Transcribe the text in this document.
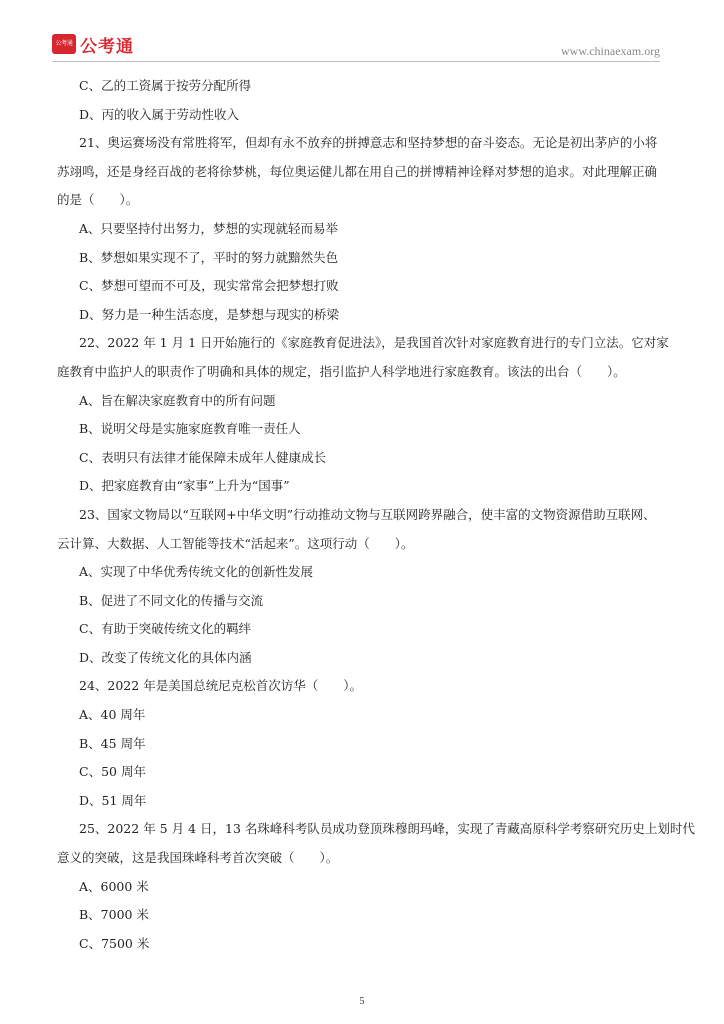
公考通 公考通	www.chinaexam.org
C、乙的工资属于按劳分配所得
D、丙的收入属于劳动性收入
21、奥运赛场没有常胜将军，但却有永不放弃的拼搏意志和坚持梦想的奋斗姿态。无论是初出茅庐的小将
苏翊鸣，还是身经百战的老将徐梦桃，每位奥运健儿都在用自己的拼博精神诠释对梦想的追求。对此理解正确
的是（　　）。
A、只要坚持付出努力，梦想的实现就轻而易举
B、梦想如果实现不了，平时的努力就黯然失色
C、梦想可望而不可及，现实常常会把梦想打败
D、努力是一种生活态度，是梦想与现实的桥梁
22、2022 年 1 月 1 日开始施行的《家庭教育促进法》，是我国首次针对家庭教育进行的专门立法。它对家
庭教育中监护人的职责作了明确和具体的规定，指引监护人科学地进行家庭教育。该法的出台（　　）。
A、旨在解决家庭教育中的所有问题
B、说明父母是实施家庭教育唯一责任人
C、表明只有法律才能保障未成年人健康成长
D、把家庭教育由“家事”上升为“国事”
23、国家文物局以“互联网+中华文明”行动推动文物与互联网跨界融合，使丰富的文物资源借助互联网、
云计算、大数据、人工智能等技术“活起来”。这项行动（　　）。
A、实现了中华优秀传统文化的创新性发展
B、促进了不同文化的传播与交流
C、有助于突破传统文化的羁绊
D、改变了传统文化的具体内涵
24、2022 年是美国总统尼克松首次访华（　　）。
A、40 周年
B、45 周年
C、50 周年
D、51 周年
25、2022 年 5 月 4 日，13 名珠峰科考队员成功登顶珠穆朗玛峰，实现了青藏高原科学考察研究历史上划时代
意义的突破，这是我国珠峰科考首次突破（　　）。
A、6000 米
B、7000 米
C、7500 米
5
